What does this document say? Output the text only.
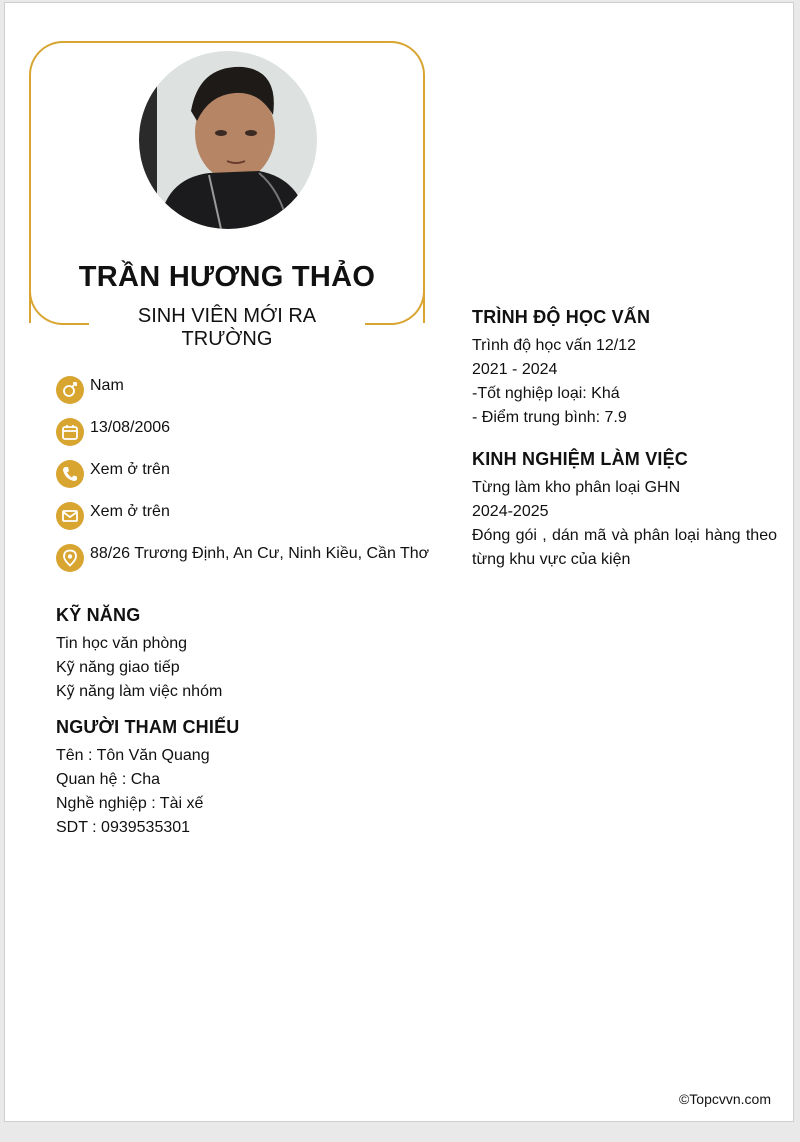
TRẦN HƯƠNG THẢO
SINH VIÊN MỚI RA TRƯỜNG
Nam
13/08/2006
Xem ở trên
Xem ở trên
88/26 Trương Định, An Cư, Ninh Kiều, Cần Thơ
KỸ NĂNG
Tin học văn phòng
Kỹ năng giao tiếp
Kỹ năng làm việc nhóm
NGƯỜI THAM CHIẾU
Tên : Tôn Văn Quang
Quan hệ : Cha
Nghề nghiệp : Tài xế
SDT : 0939535301
TRÌNH ĐỘ HỌC VẤN
Trình độ học vấn 12/12
2021 - 2024
-Tốt nghiệp loại: Khá
- Điểm trung bình: 7.9
KINH NGHIỆM LÀM VIỆC
Từng làm kho phân loại GHN
2024-2025
Đóng gói , dán mã và phân loại hàng theo từng khu vực của kiện
©Topcvvn.com
